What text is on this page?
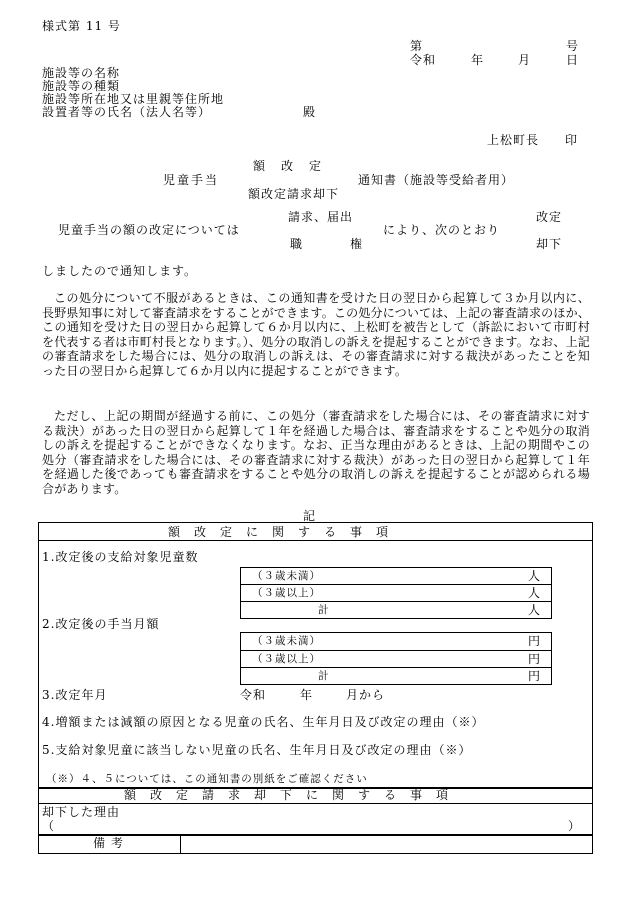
様式第 11 号
第	号
令和	年	月	日
施設等の名称
施設等の種類
施設等所在地又は里親等住所地
設置者等の氏名（法人名等）	殿
上松町長 印
額　改　定
児童手当	通知書（施設等受給者用）
額改定請求却下
請求、届出	改定
児童手当の額の改定については	により、次のとおり
職	権	却下
しましたので通知します。
この処分について不服があるときは、この通知書を受けた日の翌日から起算して３か月以内に、長野県知事に対して審査請求をすることができます。この処分については、上記の審査請求のほか、この通知を受けた日の翌日から起算して６か月以内に、上松町を被告として（訴訟において市町村を代表する者は市町村長となります。）、処分の取消しの訴えを提起することができます。なお、上記の審査請求をした場合には、処分の取消しの訴えは、その審査請求に対する裁決があったことを知った日の翌日から起算して６か月以内に提起することができます。
ただし、上記の期間が経過する前に、この処分（審査請求をした場合には、その審査請求に対する裁決）があった日の翌日から起算して１年を経過した場合は、審査請求をすることや処分の取消しの訴えを提起することができなくなります。なお、正当な理由があるときは、上記の期間やこの処分（審査請求をした場合には、その審査請求に対する裁決）があった日の翌日から起算して１年を経過した後であっても審査請求をすることや処分の取消しの訴えを提起することが認められる場合があります。
記
額　改　定　に　関　す　る　事　項
1.改定後の支給対象児童数
（３歳未満）	人
（３歳以上）	人
計	人
2.改定後の手当月額
（３歳未満）	円
（３歳以上）	円
計	円
3.改定年月	令和	年	月から
4.増額または減額の原因となる児童の氏名、生年月日及び改定の理由（※）
5.支給対象児童に該当しない児童の氏名、生年月日及び改定の理由（※）
（※）４、５については、この通知書の別紙をご確認ください
額　改　定　請　求　却　下　に　関　す　る　事　項
却下した理由
（	）
備考
